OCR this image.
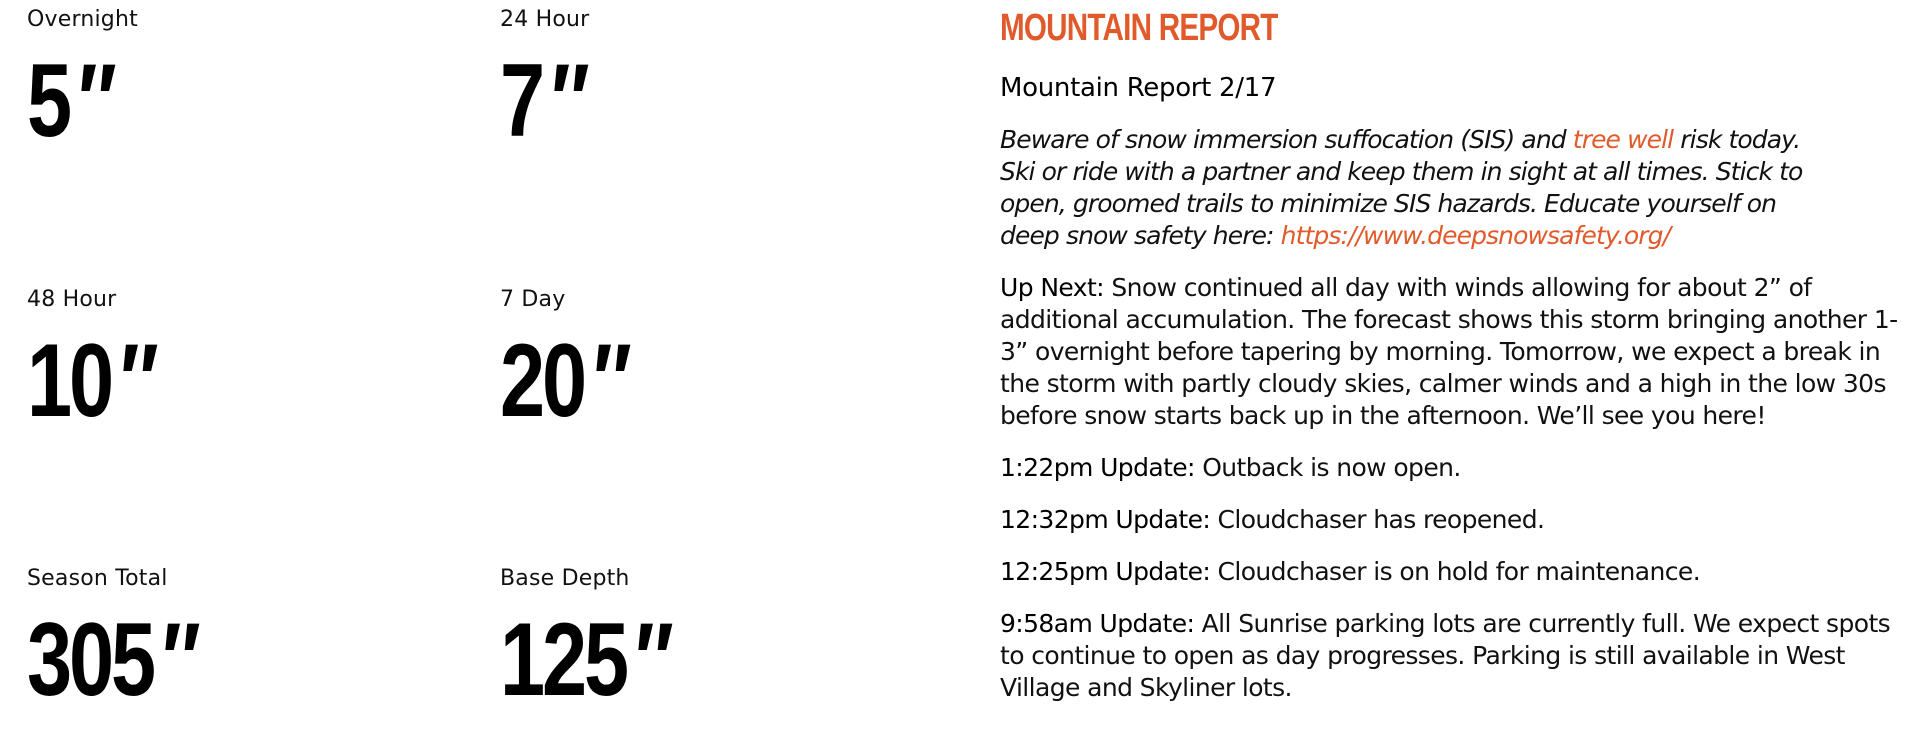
Overnight
5″
24 Hour
7″
48 Hour
10″
7 Day
20″
Season Total
305″
Base Depth
125″
MOUNTAIN REPORT
Mountain Report 2/17
Beware of snow immersion suffocation (SIS) and tree well risk today.
Ski or ride with a partner and keep them in sight at all times. Stick to
open, groomed trails to minimize SIS hazards. Educate yourself on
deep snow safety here: https://www.deepsnowsafety.org/
Up Next: Snow continued all day with winds allowing for about 2” of additional accumulation. The forecast shows this storm bringing another 1-3” overnight before tapering by morning. Tomorrow, we expect a break in the storm with partly cloudy skies, calmer winds and a high in the low 30s before snow starts back up in the afternoon. We’ll see you here!
1:22pm Update: Outback is now open.
12:32pm Update: Cloudchaser has reopened.
12:25pm Update: Cloudchaser is on hold for maintenance.
9:58am Update: All Sunrise parking lots are currently full. We expect spots to continue to open as day progresses. Parking is still available in West Village and Skyliner lots.
